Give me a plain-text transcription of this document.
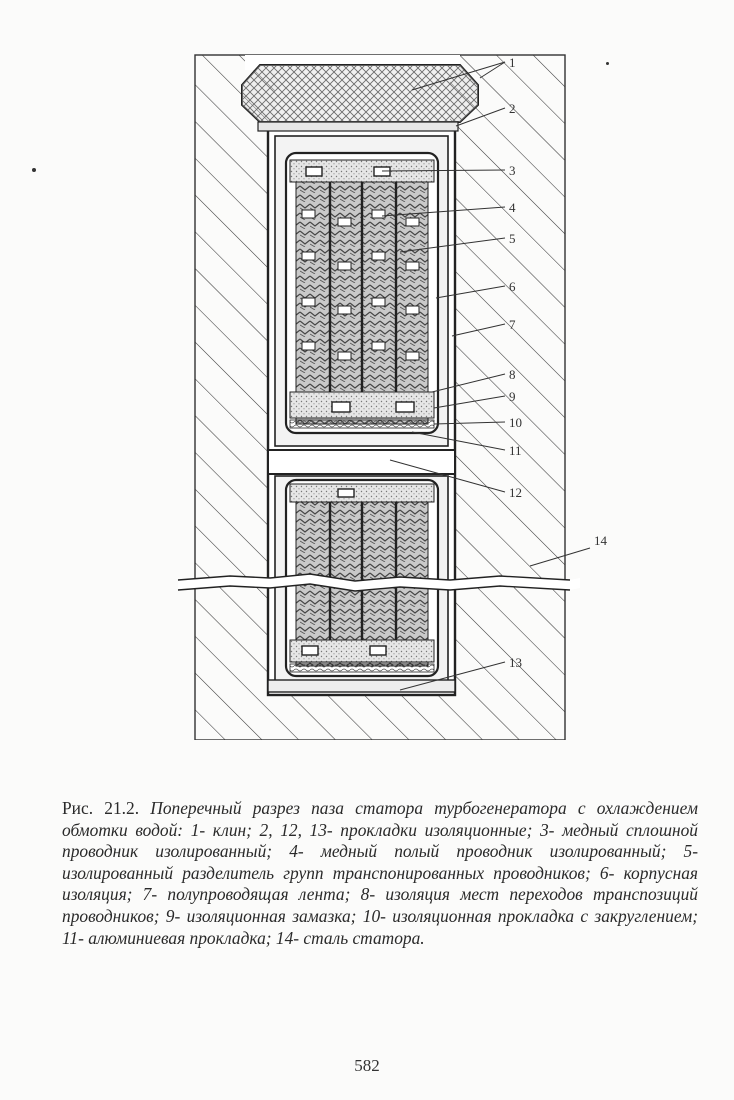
1
2
3
4
5
6
7
8
9
10
11
12
13
14
Рис. 21.2. Поперечный разрез паза статора турбогенератора с охлаждением обмотки водой: 1- клин; 2, 12, 13- прокладки изоляционные; 3- медный сплошной проводник изолированный; 4- медный полый проводник изолированный; 5- изолированный разделитель групп транспонированных проводников; 6- корпусная изоляция; 7- полупроводящая лента; 8- изоляция мест переходов транспозиций проводников; 9- изоляционная замазка; 10- изоляционная прокладка с закруглением; 11- алюминиевая прокладка; 14- сталь статора.
582
